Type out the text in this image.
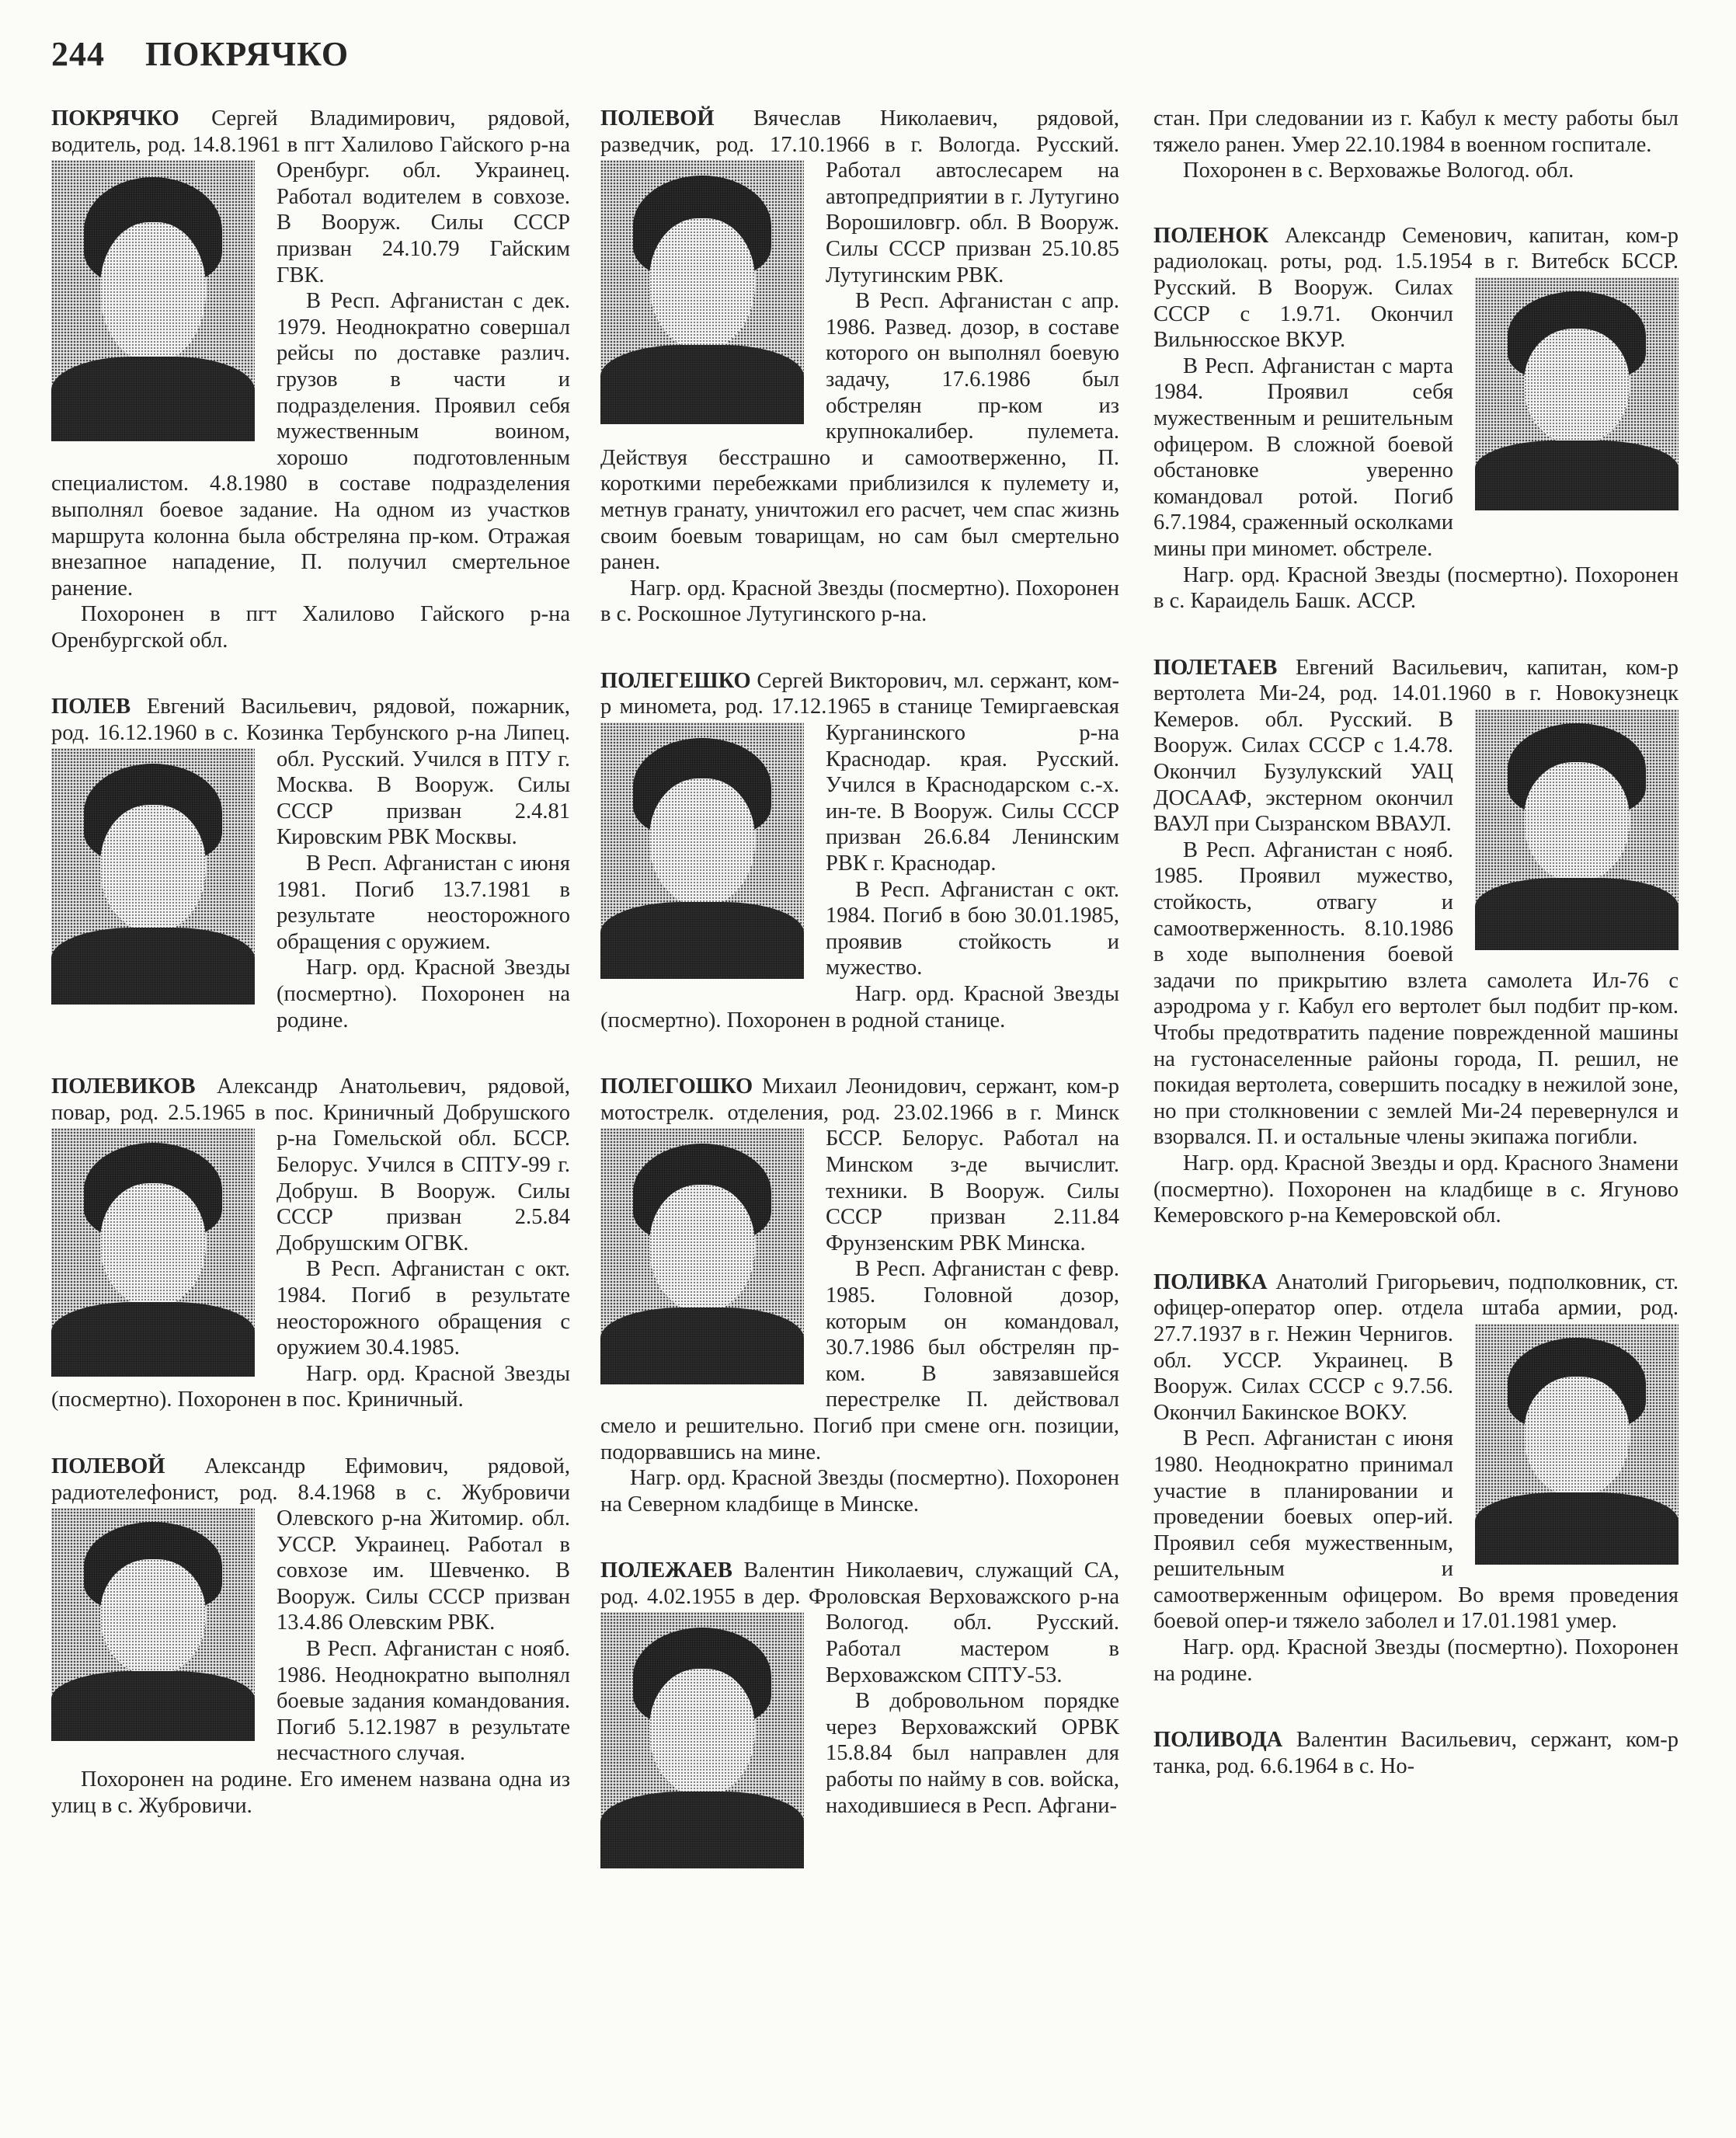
244 ПОКРЯЧКО

ПОКРЯЧКО Сергей Владимирович, рядовой, водитель, род. 14.8.1961 в пгт Халилово Гайского р-на Оренбург. обл. Украинец. Работал водителем в совхозе. В Вооруж. Силы СССР призван 24.10.79 Гайским ГВК.

В Респ. Афганистан с дек. 1979. Неоднократно совершал рейсы по доставке различ. грузов в части и подразделения. Проявил себя мужественным воином, хорошо подготовленным специалистом. 4.8.1980 в составе подразделения выполнял боевое задание. На одном из участков маршрута колонна была обстреляна пр-ком. Отражая внезапное нападение, П. получил смертельное ранение.

Похоронен в пгт Халилово Гайского р-на Оренбургской обл.

ПОЛЕВ Евгений Васильевич, рядовой, пожарник, род. 16.12.1960 в с. Козинка Тербунского р-на Липец. обл. Русский. Учился в ПТУ г. Москва. В Вооруж. Силы СССР призван 2.4.81 Кировским РВК Москвы.

В Респ. Афганистан с июня 1981. Погиб 13.7.1981 в результате неосторожного обращения с оружием.

Нагр. орд. Красной Звезды (посмертно). Похоронен на родине.

ПОЛЕВИКОВ Александр Анатольевич, рядовой, повар, род. 2.5.1965 в пос. Криничный Добрушского р-на Гомельской обл. БССР. Белорус. Учился в СПТУ-99 г. Добруш. В Вооруж. Силы СССР призван 2.5.84 Добрушским ОГВК.

В Респ. Афганистан с окт. 1984. Погиб в результате неосторожного обращения с оружием 30.4.1985.

Нагр. орд. Красной Звезды (посмертно). Похоронен в пос. Криничный.

ПОЛЕВОЙ Александр Ефимович, рядовой, радиотелефонист, род. 8.4.1968 в с. Жубровичи Олевского р-на Житомир. обл. УССР. Украинец. Работал в совхозе им. Шевченко. В Вооруж. Силы СССР призван 13.4.86 Олевским РВК.

В Респ. Афганистан с нояб. 1986. Неоднократно выполнял боевые задания командования. Погиб 5.12.1987 в результате несчастного случая.

Похоронен на родине. Его именем названа одна из улиц в с. Жубровичи.

ПОЛЕВОЙ Вячеслав Николаевич, рядовой, разведчик, род. 17.10.1966 в г. Вологда. Русский. Работал автослесарем на автопредприятии в г. Лутугино Ворошиловгр. обл. В Вооруж. Силы СССР призван 25.10.85 Лутугинским РВК.

В Респ. Афганистан с апр. 1986. Развед. дозор, в составе которого он выполнял боевую задачу, 17.6.1986 был обстрелян пр-ком из крупнокалибер. пулемета. Действуя бесстрашно и самоотверженно, П. короткими перебежками приблизился к пулемету и, метнув гранату, уничтожил его расчет, чем спас жизнь своим боевым товарищам, но сам был смертельно ранен.

Нагр. орд. Красной Звезды (посмертно). Похоронен в с. Роскошное Лутугинского р-на.

ПОЛЕГЕШКО Сергей Викторович, мл. сержант, ком-р миномета, род. 17.12.1965 в станице Темиргаевская Курганинского р-на Краснодар. края. Русский. Учился в Краснодарском с.-х. ин-те. В Вооруж. Силы СССР призван 26.6.84 Ленинским РВК г. Краснодар.

В Респ. Афганистан с окт. 1984. Погиб в бою 30.01.1985, проявив стойкость и мужество.

Нагр. орд. Красной Звезды (посмертно). Похоронен в родной станице.

ПОЛЕГОШКО Михаил Леонидович, сержант, ком-р мотострелк. отделения, род. 23.02.1966 в г. Минск БССР. Белорус. Работал на Минском з-де вычислит. техники. В Вооруж. Силы СССР призван 2.11.84 Фрунзенским РВК Минска.

В Респ. Афганистан с февр. 1985. Головной дозор, которым он командовал, 30.7.1986 был обстрелян пр-ком. В завязавшейся перестрелке П. действовал смело и решительно. Погиб при смене огн. позиции, подорвавшись на мине.

Нагр. орд. Красной Звезды (посмертно). Похоронен на Северном кладбище в Минске.

ПОЛЕЖАЕВ Валентин Николаевич, служащий СА, род. 4.02.1955 в дер. Фроловская Верховажского р-на Вологод. обл. Русский. Работал мастером в Верховажском СПТУ-53.

В добровольном порядке через Верховажский ОРВК 15.8.84 был направлен для работы по найму в сов. войска, находившиеся в Респ. Афгани-

стан. При следовании из г. Кабул к месту работы был тяжело ранен. Умер 22.10.1984 в военном госпитале.

Похоронен в с. Верховажье Вологод. обл.

ПОЛЕНОК Александр Семенович, капитан, ком-р радиолокац. роты, род. 1.5.1954 в г. Витебск БССР. Русский. В Вооруж. Силах СССР с 1.9.71. Окончил Вильнюсское ВКУР.

В Респ. Афганистан с марта 1984. Проявил себя мужественным и решительным офицером. В сложной боевой обстановке уверенно командовал ротой. Погиб 6.7.1984, сраженный осколками мины при миномет. обстреле.

Нагр. орд. Красной Звезды (посмертно). Похоронен в с. Караидель Башк. АССР.

ПОЛЕТАЕВ Евгений Васильевич, капитан, ком-р вертолета Ми-24, род. 14.01.1960 в г. Новокузнецк Кемеров. обл. Русский. В Вооруж. Силах СССР с 1.4.78. Окончил Бузулукский УАЦ ДОСААФ, экстерном окончил ВАУЛ при Сызранском ВВАУЛ.

В Респ. Афганистан с нояб. 1985. Проявил мужество, стойкость, отвагу и самоотверженность. 8.10.1986 в ходе выполнения боевой задачи по прикрытию взлета самолета Ил-76 с аэродрома у г. Кабул его вертолет был подбит пр-ком. Чтобы предотвратить падение поврежденной машины на густонаселенные районы города, П. решил, не покидая вертолета, совершить посадку в нежилой зоне, но при столкновении с землей Ми-24 перевернулся и взорвался. П. и остальные члены экипажа погибли.

Нагр. орд. Красной Звезды и орд. Красного Знамени (посмертно). Похоронен на кладбище в с. Ягуново Кемеровского р-на Кемеровской обл.

ПОЛИВКА Анатолий Григорьевич, подполковник, ст. офицер-оператор опер. отдела штаба армии, род. 27.7.1937 в г. Нежин Чернигов. обл. УССР. Украинец. В Вооруж. Силах СССР с 9.7.56. Окончил Бакинское ВОКУ.

В Респ. Афганистан с июня 1980. Неоднократно принимал участие в планировании и проведении боевых опер-ий. Проявил себя мужественным, решительным и самоотверженным офицером. Во время проведения боевой опер-и тяжело заболел и 17.01.1981 умер.

Нагр. орд. Красной Звезды (посмертно). Похоронен на родине.

ПОЛИВОДА Валентин Васильевич, сержант, ком-р танка, род. 6.6.1964 в с. Но-
